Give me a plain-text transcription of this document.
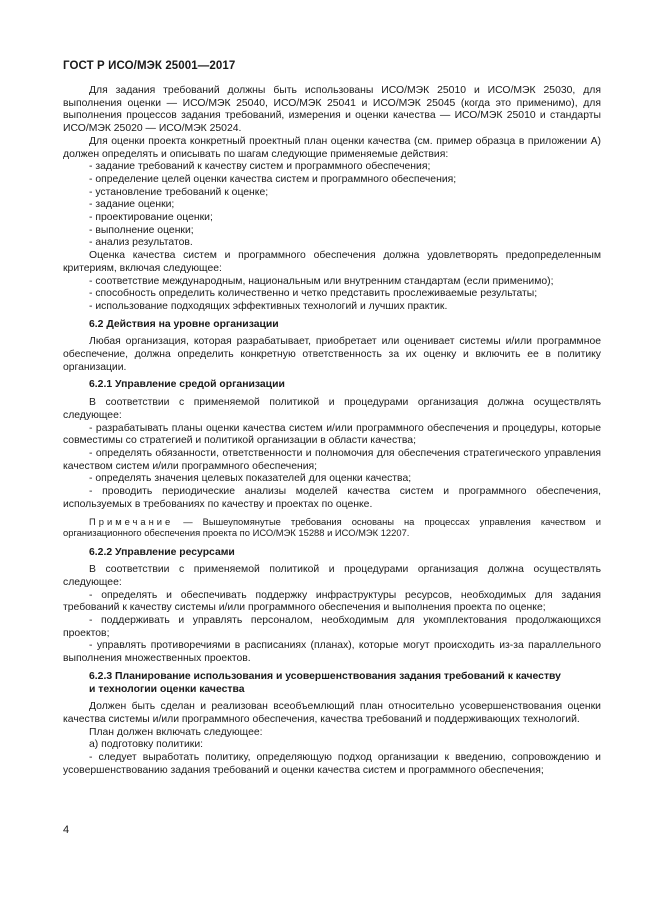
ГОСТ Р ИСО/МЭК 25001—2017

Для задания требований должны быть использованы ИСО/МЭК 25010 и ИСО/МЭК 25030, для выполнения оценки — ИСО/МЭК 25040, ИСО/МЭК 25041 и ИСО/МЭК 25045 (когда это применимо), для выполнения процессов задания требований, измерения и оценки качества — ИСО/МЭК 25010 и стандарты ИСО/МЭК 25020 — ИСО/МЭК 25024.

Для оценки проекта конкретный проектный план оценки качества (см. пример образца в приложении А) должен определять и описывать по шагам следующие применяемые действия:

- задание требований к качеству систем и программного обеспечения;

- определение целей оценки качества систем и программного обеспечения;

- установление требований к оценке;

- задание оценки;

- проектирование оценки;

- выполнение оценки;

- анализ результатов.

Оценка качества систем и программного обеспечения должна удовлетворять предопределенным критериям, включая следующее:

- соответствие международным, национальным или внутренним стандартам (если применимо);

- способность определить количественно и четко представить прослеживаемые результаты;

- использование подходящих эффективных технологий и лучших практик.

6.2 Действия на уровне организации

Любая организация, которая разрабатывает, приобретает или оценивает системы и/или программное обеспечение, должна определить конкретную ответственность за их оценку и включить ее в политику организации.

6.2.1 Управление средой организации

В соответствии с применяемой политикой и процедурами организация должна осуществлять следующее:

- разрабатывать планы оценки качества систем и/или программного обеспечения и процедуры, которые совместимы со стратегией и политикой организации в области качества;

- определять обязанности, ответственности и полномочия для обеспечения стратегического управления качеством систем и/или программного обеспечения;

- определять значения целевых показателей для оценки качества;

- проводить периодические анализы моделей качества систем и программного обеспечения, используемых в требованиях по качеству и проектах по оценке.

Примечание — Вышеупомянутые требования основаны на процессах управления качеством и организационного обеспечения проекта по ИСО/МЭК 15288 и ИСО/МЭК 12207.

6.2.2 Управление ресурсами

В соответствии с применяемой политикой и процедурами организация должна осуществлять следующее:

- определять и обеспечивать поддержку инфраструктуры ресурсов, необходимых для задания требований к качеству системы и/или программного обеспечения и выполнения проекта по оценке;

- поддерживать и управлять персоналом, необходимым для укомплектования продолжающихся проектов;

- управлять противоречиями в расписаниях (планах), которые могут происходить из-за параллельного выполнения множественных проектов.

6.2.3 Планирование использования и усовершенствования задания требований к качеству

и технологии оценки качества

Должен быть сделан и реализован всеобъемлющий план относительно усовершенствования оценки качества системы и/или программного обеспечения, качества требований и поддерживающих технологий.

План должен включать следующее:

а) подготовку политики:

- следует выработать политику, определяющую подход организации к введению, сопровождению и усовершенствованию задания требований и оценки качества систем и программного обеспечения;

4
